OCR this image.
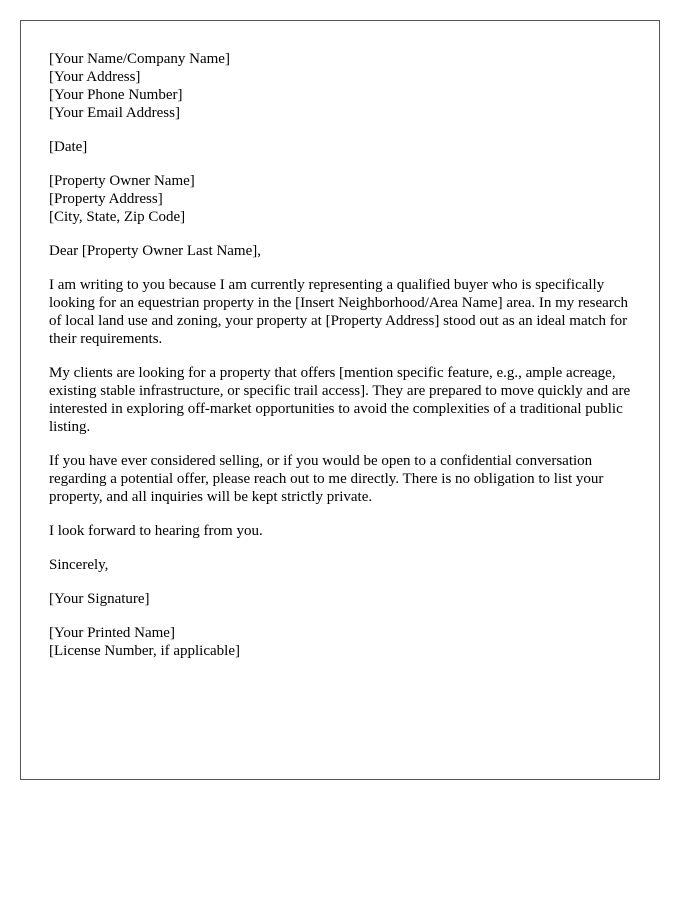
[Your Name/Company Name]
[Your Address]
[Your Phone Number]
[Your Email Address]
[Date]
[Property Owner Name]
[Property Address]
[City, State, Zip Code]
Dear [Property Owner Last Name],

I am writing to you because I am currently representing a qualified buyer who is specifically looking for an equestrian property in the [Insert Neighborhood/Area Name] area. In my research of local land use and zoning, your property at [Property Address] stood out as an ideal match for their requirements.

My clients are looking for a property that offers [mention specific feature, e.g., ample acreage, existing stable infrastructure, or specific trail access]. They are prepared to move quickly and are interested in exploring off-market opportunities to avoid the complexities of a traditional public listing.

If you have ever considered selling, or if you would be open to a confidential conversation regarding a potential offer, please reach out to me directly. There is no obligation to list your property, and all inquiries will be kept strictly private.

I look forward to hearing from you.

Sincerely,
[Your Signature]
[Your Printed Name]
[License Number, if applicable]
